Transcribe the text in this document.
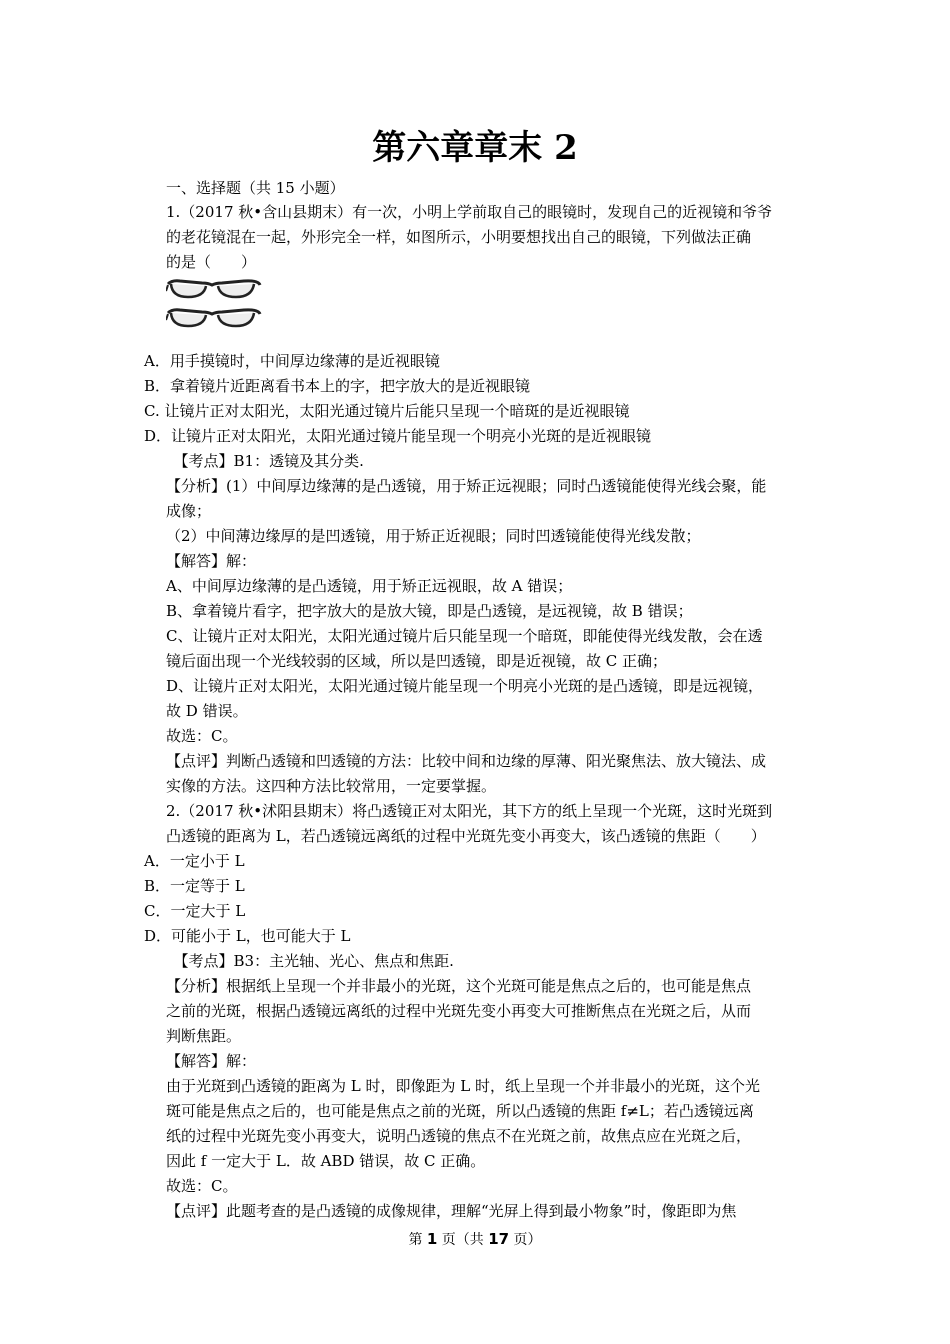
第六章章末 2
一、选择题（共 15 小题）
1.（2017 秋•含山县期末）有一次，小明上学前取自己的眼镜时，发现自己的近视镜和爷爷
的老花镜混在一起，外形完全一样，如图所示，小明要想找出自己的眼镜，下列做法正确
的是（　　）
A．用手摸镜时，中间厚边缘薄的是近视眼镜
B．拿着镜片近距离看书本上的字，把字放大的是近视眼镜
C. 让镜片正对太阳光，太阳光通过镜片后能只呈现一个暗斑的是近视眼镜
D．让镜片正对太阳光，太阳光通过镜片能呈现一个明亮小光斑的是近视眼镜
　【考点】B1：透镜及其分类.
【分析】(1）中间厚边缘薄的是凸透镜，用于矫正远视眼；同时凸透镜能使得光线会聚，能
成像；
（2）中间薄边缘厚的是凹透镜，用于矫正近视眼；同时凹透镜能使得光线发散；
【解答】解：
A、中间厚边缘薄的是凸透镜，用于矫正远视眼，故 A 错误；
B、拿着镜片看字，把字放大的是放大镜，即是凸透镜，是远视镜，故 B 错误；
C、让镜片正对太阳光，太阳光通过镜片后只能呈现一个暗斑，即能使得光线发散，会在透
镜后面出现一个光线较弱的区域，所以是凹透镜，即是近视镜，故 C 正确；
D、让镜片正对太阳光，太阳光通过镜片能呈现一个明亮小光斑的是凸透镜，即是远视镜，
故 D 错误。
故选：C。
【点评】判断凸透镜和凹透镜的方法：比较中间和边缘的厚薄、阳光聚焦法、放大镜法、成
实像的方法。这四种方法比较常用，一定要掌握。
2.（2017 秋•沭阳县期末）将凸透镜正对太阳光，其下方的纸上呈现一个光斑，这时光斑到
凸透镜的距离为 L，若凸透镜远离纸的过程中光斑先变小再变大，该凸透镜的焦距（　　）
A．一定小于 L
B．一定等于 L
C．一定大于 L
D．可能小于 L，也可能大于 L
　【考点】B3：主光轴、光心、焦点和焦距.
【分析】根据纸上呈现一个并非最小的光斑，这个光斑可能是焦点之后的，也可能是焦点
之前的光斑，根据凸透镜远离纸的过程中光斑先变小再变大可推断焦点在光斑之后，从而
判断焦距。
【解答】解：
由于光斑到凸透镜的距离为 L 时，即像距为 L 时，纸上呈现一个并非最小的光斑，这个光
斑可能是焦点之后的，也可能是焦点之前的光斑，所以凸透镜的焦距 f≠L；若凸透镜远离
纸的过程中光斑先变小再变大，说明凸透镜的焦点不在光斑之前，故焦点应在光斑之后，
因此 f 一定大于 L．故 ABD 错误，故 C 正确。
故选：C。
【点评】此题考查的是凸透镜的成像规律，理解“光屏上得到最小物象”时，像距即为焦
第 1 页（共 17 页）
